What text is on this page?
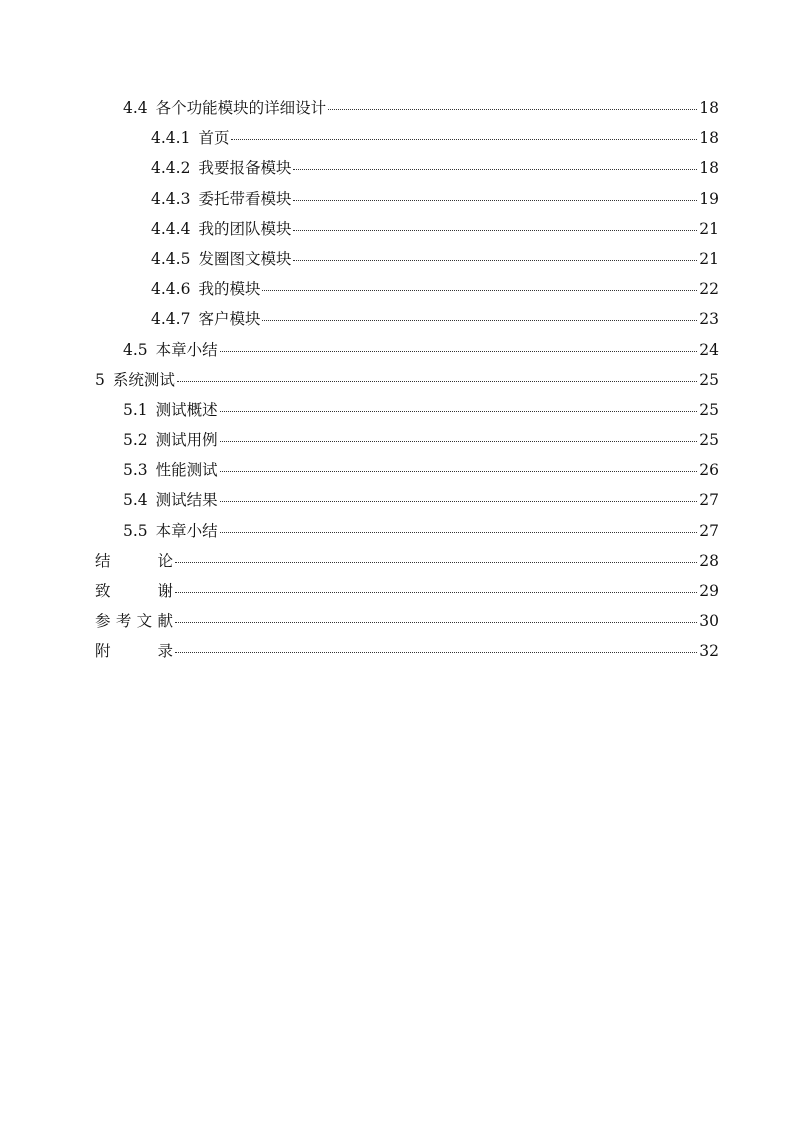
4.4 各个功能模块的详细设计	18
4.4.1 首页	18
4.4.2 我要报备模块	18
4.4.3 委托带看模块	19
4.4.4 我的团队模块	21
4.4.5 发圈图文模块	21
4.4.6 我的模块	22
4.4.7 客户模块	23
4.5 本章小结	24
5 系统测试	25
5.1 测试概述	25
5.2 测试用例	25
5.3 性能测试	26
5.4 测试结果	27
5.5 本章小结	27
结论	28
致谢	29
参考文献	30
附录	32
